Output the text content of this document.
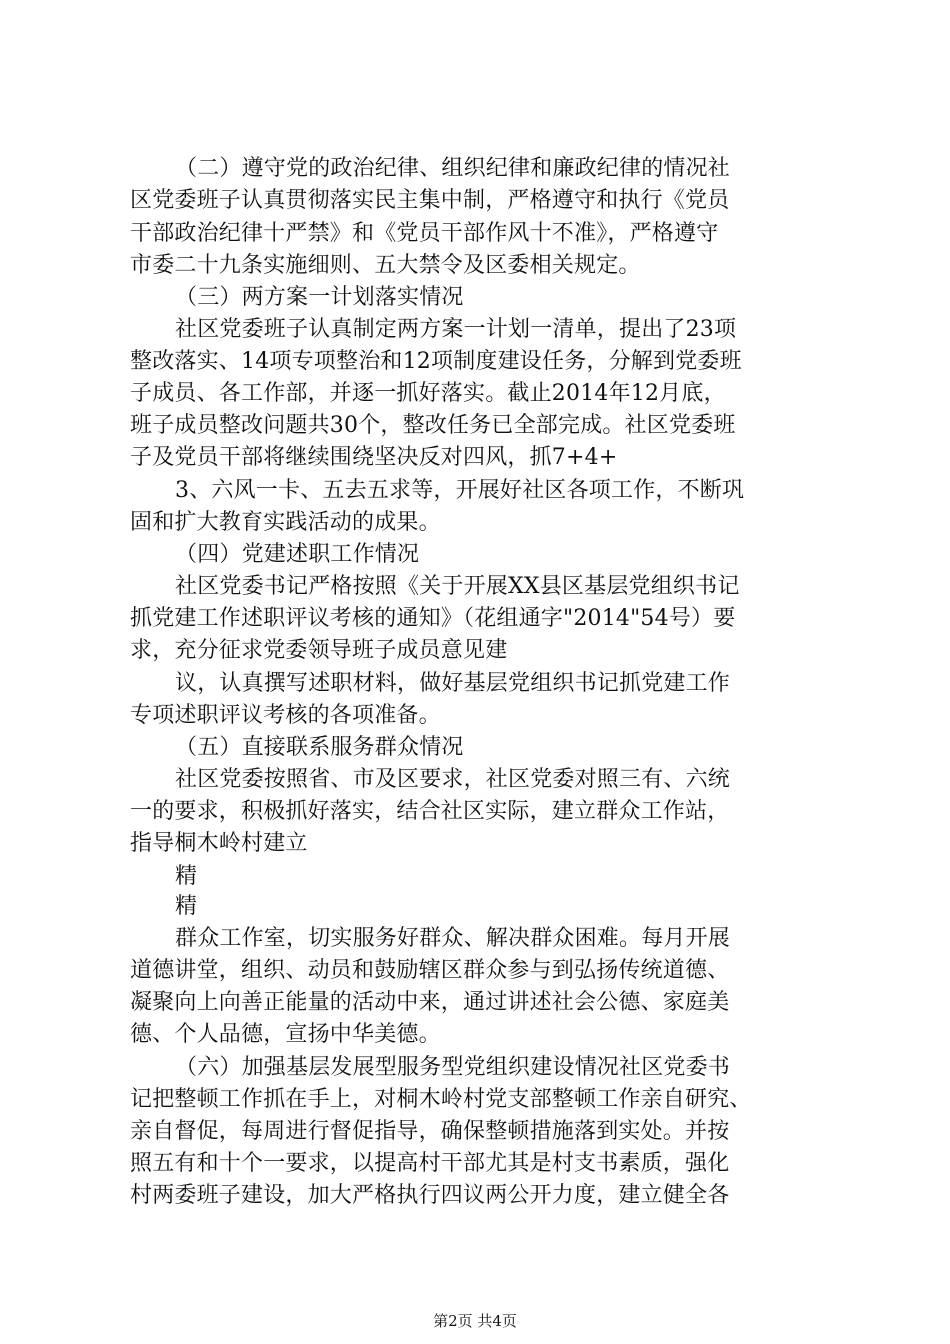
（二）遵守党的政治纪律、组织纪律和廉政纪律的情况社
区党委班子认真贯彻落实民主集中制，严格遵守和执行《党员
干部政治纪律十严禁》和《党员干部作风十不准》，严格遵守
市委二十九条实施细则、五大禁令及区委相关规定。
（三）两方案一计划落实情况
社区党委班子认真制定两方案一计划一清单，提出了23项
整改落实、14项专项整治和12项制度建设任务，分解到党委班
子成员、各工作部，并逐一抓好落实。截止2014年12月底，
班子成员整改问题共30个，整改任务已全部完成。社区党委班
子及党员干部将继续围绕坚决反对四风，抓7+4+
3、六风一卡、五去五求等，开展好社区各项工作，不断巩
固和扩大教育实践活动的成果。
（四）党建述职工作情况
社区党委书记严格按照《关于开展XX县区基层党组织书记
抓党建工作述职评议考核的通知》（花组通字"2014"54号）要
求，充分征求党委领导班子成员意见建
议，认真撰写述职材料，做好基层党组织书记抓党建工作
专项述职评议考核的各项准备。
（五）直接联系服务群众情况
社区党委按照省、市及区要求，社区党委对照三有、六统
一的要求，积极抓好落实，结合社区实际，建立群众工作站，
指导桐木岭村建立
精
精
群众工作室，切实服务好群众、解决群众困难。每月开展
道德讲堂，组织、动员和鼓励辖区群众参与到弘扬传统道德、
凝聚向上向善正能量的活动中来，通过讲述社会公德、家庭美
德、个人品德，宣扬中华美德。
（六）加强基层发展型服务型党组织建设情况社区党委书
记把整顿工作抓在手上，对桐木岭村党支部整顿工作亲自研究、
亲自督促，每周进行督促指导，确保整顿措施落到实处。并按
照五有和十个一要求，以提高村干部尤其是村支书素质，强化
村两委班子建设，加大严格执行四议两公开力度，建立健全各
第2页 共4页
